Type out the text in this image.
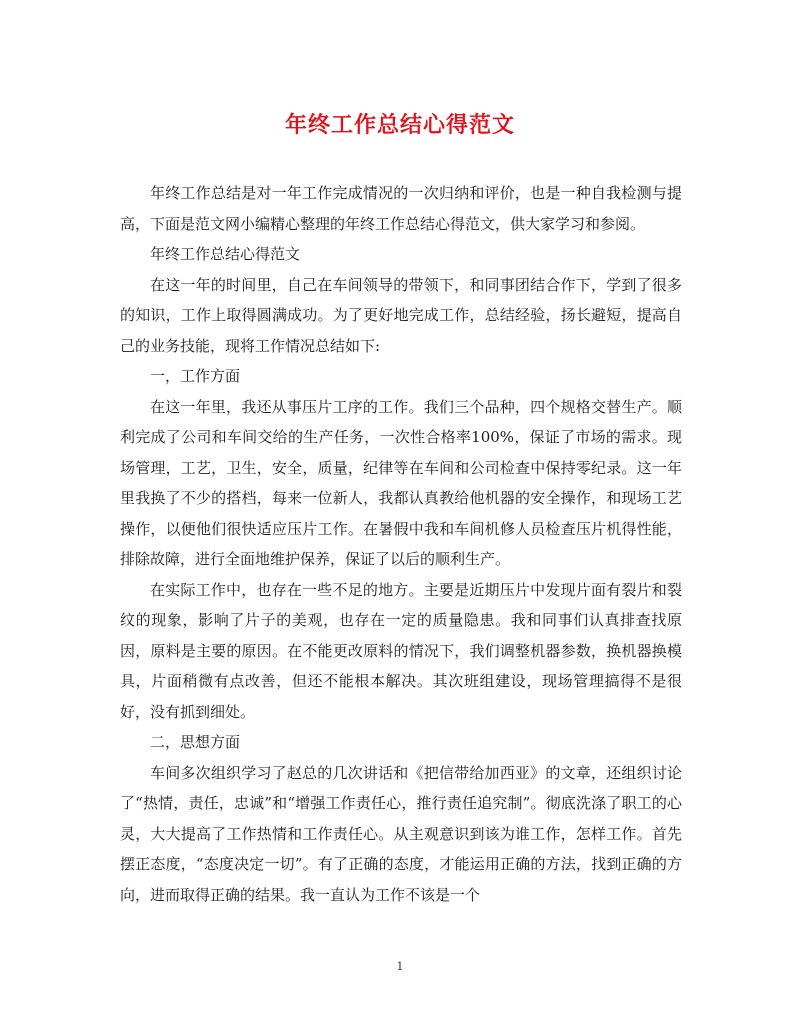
年终工作总结心得范文

年终工作总结是对一年工作完成情况的一次归纳和评价，也是一种自我检测与提高，下面是范文网小编精心整理的年终工作总结心得范文，供大家学习和参阅。

年终工作总结心得范文

在这一年的时间里，自己在车间领导的带领下，和同事团结合作下，学到了很多的知识，工作上取得圆满成功。为了更好地完成工作，总结经验，扬长避短，提高自己的业务技能，现将工作情况总结如下:

一，工作方面

在这一年里，我还从事压片工序的工作。我们三个品种，四个规格交替生产。顺利完成了公司和车间交给的生产任务，一次性合格率100%，保证了市场的需求。现场管理，工艺，卫生，安全，质量，纪律等在车间和公司检查中保持零纪录。这一年里我换了不少的搭档，每来一位新人，我都认真教给他机器的安全操作，和现场工艺操作，以便他们很快适应压片工作。在暑假中我和车间机修人员检查压片机得性能，排除故障，进行全面地维护保养，保证了以后的顺利生产。

在实际工作中，也存在一些不足的地方。主要是近期压片中发现片面有裂片和裂纹的现象，影响了片子的美观，也存在一定的质量隐患。我和同事们认真排查找原因，原料是主要的原因。在不能更改原料的情况下，我们调整机器参数，换机器换模具，片面稍微有点改善，但还不能根本解决。其次班组建设，现场管理搞得不是很好，没有抓到细处。

二，思想方面

车间多次组织学习了赵总的几次讲话和《把信带给加西亚》的文章，还组织讨论了“热情，责任，忠诚”和“增强工作责任心，推行责任追究制”。彻底洗涤了职工的心灵，大大提高了工作热情和工作责任心。从主观意识到该为谁工作，怎样工作。首先摆正态度，“态度决定一切”。有了正确的态度，才能运用正确的方法，找到正确的方向，进而取得正确的结果。我一直认为工作不该是一个

1
